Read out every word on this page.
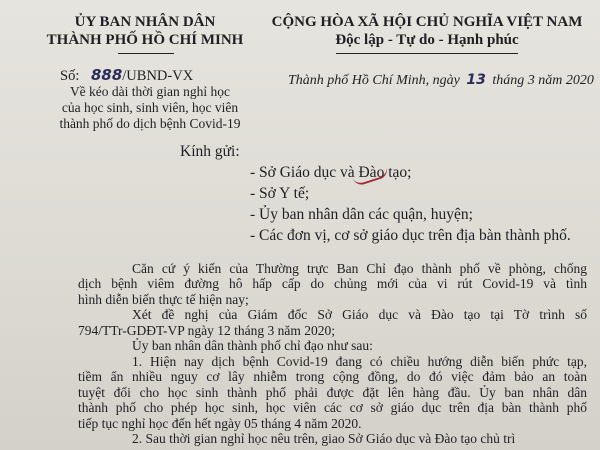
ỦY BAN NHÂN DÂN
THÀNH PHỐ HỒ CHÍ MINH
CỘNG HÒA XÃ HỘI CHỦ NGHĨA VIỆT NAM
Độc lập - Tự do - Hạnh phúc
Số: 888/UBND-VX
Về kéo dài thời gian nghỉ học
của học sinh, sinh viên, học viên
thành phố do dịch bệnh Covid-19
Thành phố Hồ Chí Minh, ngày 13 tháng 3 năm 2020
Kính gửi:
- Sở Giáo dục và Đào tạo;
- Sở Y tế;
- Ủy ban nhân dân các quận, huyện;
- Các đơn vị, cơ sở giáo dục trên địa bàn thành phố.
Căn cứ ý kiến của Thường trực Ban Chỉ đạo thành phố về phòng, chống
dịch bệnh viêm đường hô hấp cấp do chủng mới của vi rút Covid-19 và tình
hình diễn biến thực tế hiện nay;
Xét đề nghị của Giám đốc Sở Giáo dục và Đào tạo tại Tờ trình số
794/TTr-GDĐT-VP ngày 12 tháng 3 năm 2020;
Ủy ban nhân dân thành phố chỉ đạo như sau:
1. Hiện nay dịch bệnh Covid-19 đang có chiều hướng diễn biến phức tạp,
tiềm ẩn nhiều nguy cơ lây nhiễm trong cộng đồng, do đó việc đảm bảo an toàn
tuyệt đối cho học sinh thành phố phải được đặt lên hàng đầu. Ủy ban nhân dân
thành phố cho phép học sinh, học viên các cơ sở giáo dục trên địa bàn thành phố
tiếp tục nghỉ học đến hết ngày 05 tháng 4 năm 2020.
2. Sau thời gian nghỉ học nêu trên, giao Sở Giáo dục và Đào tạo chủ trì
